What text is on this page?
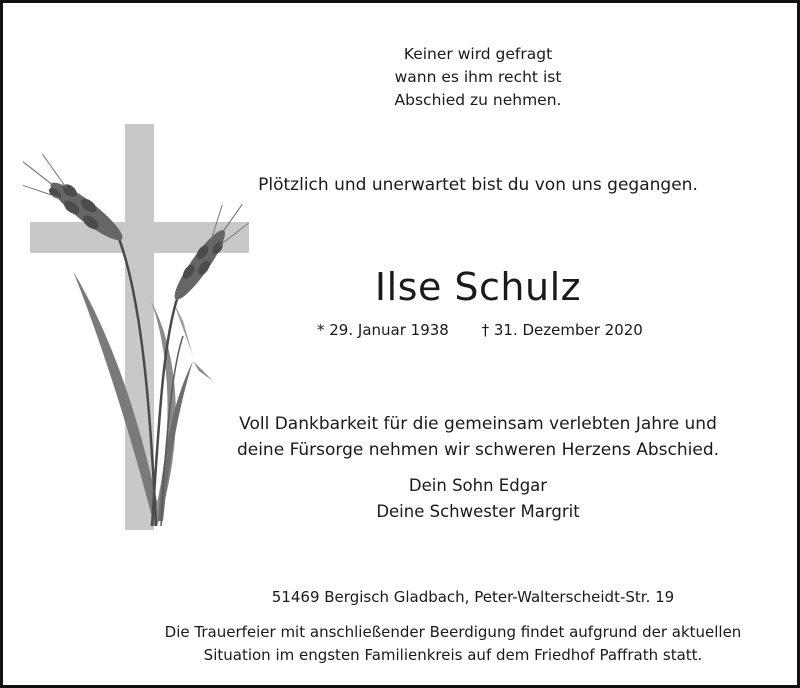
Keiner wird gefragt
wann es ihm recht ist
Abschied zu nehmen.
Plötzlich und unerwartet bist du von uns gegangen.
Ilse Schulz
* 29. Januar 1938 † 31. Dezember 2020
Voll Dankbarkeit für die gemeinsam verlebten Jahre und
deine Fürsorge nehmen wir schweren Herzens Abschied.
Dein Sohn Edgar
Deine Schwester Margrit
51469 Bergisch Gladbach, Peter-Walterscheidt-Str. 19
Die Trauerfeier mit anschließender Beerdigung findet aufgrund der aktuellen
Situation im engsten Familienkreis auf dem Friedhof Paffrath statt.
